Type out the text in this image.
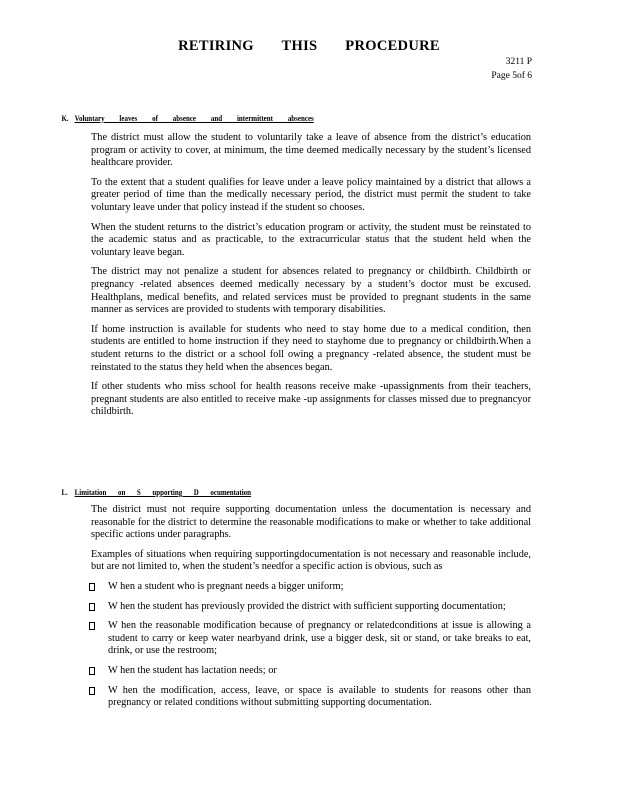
RETIRING THIS PROCEDURE
3211 P
Page 5of 6
K. Voluntary leaves of absence and intermittent absences

The district must allow the student to voluntarily take a leave of absence from the district’s education program or activity to cover, at minimum, the time deemed medically necessary by the student’s licensed healthcare provider.

To the extent that a student qualifies for leave under a leave policy maintained by a district that allows a greater period of time than the medically necessary period, the district must permit the student to take voluntary leave under that policy instead if the student so chooses.

When the student returns to the district’s education program or activity, the student must be reinstated to the academic status and as practicable, to the extracurricular status that the student held when the voluntary leave began.

The district may not penalize a student for absences related to pregnancy or childbirth. Childbirth or pregnancy -related absences deemed medically necessary by a student’s doctor must be excused. Healthplans, medical benefits, and related services must be provided to pregnant students in the same manner as services are provided to students with temporary disabilities.

If home instruction is available for students who need to stay home due to a medical condition, then students are entitled to home instruction if they need to stayhome due to pregnancy or childbirth.When a student returns to the district or a school foll owing a pregnancy -related absence, the student must be reinstated to the status they held when the absences began.

If other students who miss school for health reasons receive make -upassignments from their teachers, pregnant students are also entitled to receive make -up assignments for classes missed due to pregnancyor childbirth.

L. Limitation on S upporting D ocumentation

The district must not require supporting documentation unless the documentation is necessary and reasonable for the district to determine the reasonable modifications to make or whether to take additional specific actions under paragraphs.

Examples of situations when requiring supportingdocumentation is not necessary and reasonable include, but are not limited to, when the student’s needfor a specific action is obvious, such as

W hen a student who is pregnant needs a bigger uniform;
W hen the student has previously provided the district with sufficient supporting documentation;
W hen the reasonable modification because of pregnancy or relatedconditions at issue is allowing a student to carry or keep water nearbyand drink, use a bigger desk, sit or stand, or take breaks to eat, drink, or use the restroom;
W hen the student has lactation needs; or
W hen the modification, access, leave, or space is available to students for reasons other than pregnancy or related conditions without submitting supporting documentation.
